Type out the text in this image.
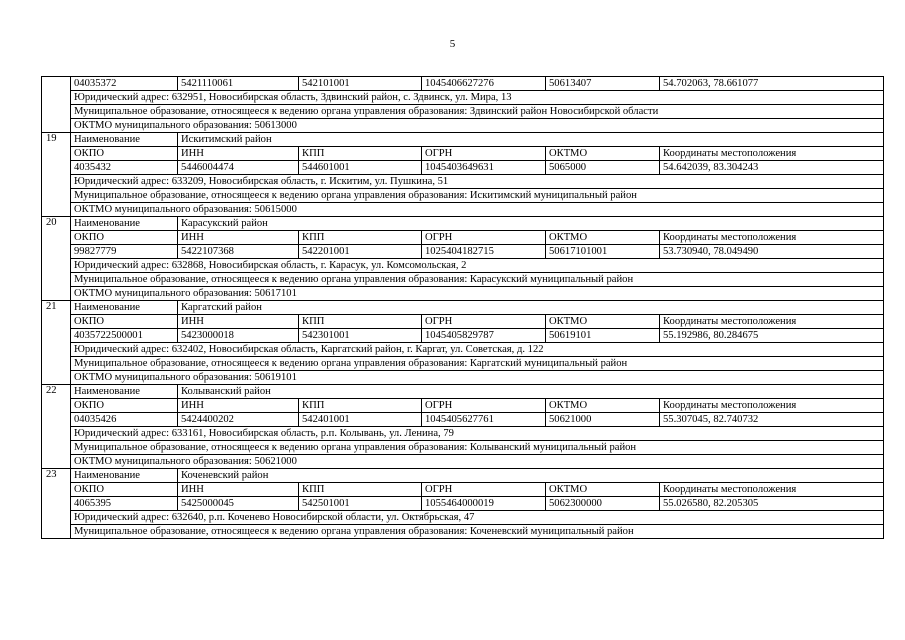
5
	04035372	5421110061	542101001	1045406627276	50613407	54.702063, 78.661077
	Юридический адрес: 632951, Новосибирская область, Здвинский район, с. Здвинск, ул. Мира, 13					
	Муниципальное образование, относящееся к ведению органа управления образования: Здвинский район Новосибирской области					
	ОКТМО муниципального образования: 50613000					
19	Наименование	Искитимский район				
	ОКПО	ИНН	КПП	ОГРН	ОКТМО	Координаты местоположения
	4035432	5446004474	544601001	1045403649631	5065000	54.642039, 83.304243
	Юридический адрес: 633209, Новосибирская область, г. Искитим, ул. Пушкина, 51					
	Муниципальное образование, относящееся к ведению органа управления образования: Искитимский муниципальный район					
	ОКТМО муниципального образования: 50615000					
20	Наименование	Карасукский район				
	ОКПО	ИНН	КПП	ОГРН	ОКТМО	Координаты местоположения
	99827779	5422107368	542201001	1025404182715	50617101001	53.730940, 78.049490
	Юридический адрес: 632868, Новосибирская область, г. Карасук, ул. Комсомольская, 2					
	Муниципальное образование, относящееся к ведению органа управления образования: Карасукский муниципальный район					
	ОКТМО муниципального образования: 50617101					
21	Наименование	Каргатский район				
	ОКПО	ИНН	КПП	ОГРН	ОКТМО	Координаты местоположения
	4035722500001	5423000018	542301001	1045405829787	50619101	55.192986, 80.284675
	Юридический адрес: 632402, Новосибирская область, Каргатский район, г. Каргат, ул. Советская, д. 122					
	Муниципальное образование, относящееся к ведению органа управления образования: Каргатский муниципальный район					
	ОКТМО муниципального образования: 50619101					
22	Наименование	Колыванский район				
	ОКПО	ИНН	КПП	ОГРН	ОКТМО	Координаты местоположения
	04035426	5424400202	542401001	1045405627761	50621000	55.307045, 82.740732
	Юридический адрес: 633161, Новосибирская область, р.п. Колывань, ул. Ленина, 79					
	Муниципальное образование, относящееся к ведению органа управления образования: Колыванский муниципальный район					
	ОКТМО муниципального образования: 50621000					
23	Наименование	Коченевский район				
	ОКПО	ИНН	КПП	ОГРН	ОКТМО	Координаты местоположения
	4065395	5425000045	542501001	1055464000019	5062300000	55.026580, 82.205305
	Юридический адрес: 632640, р.п. Коченево Новосибирской области, ул. Октябрьская, 47					
	Муниципальное образование, относящееся к ведению органа управления образования: Коченевский муниципальный район					
